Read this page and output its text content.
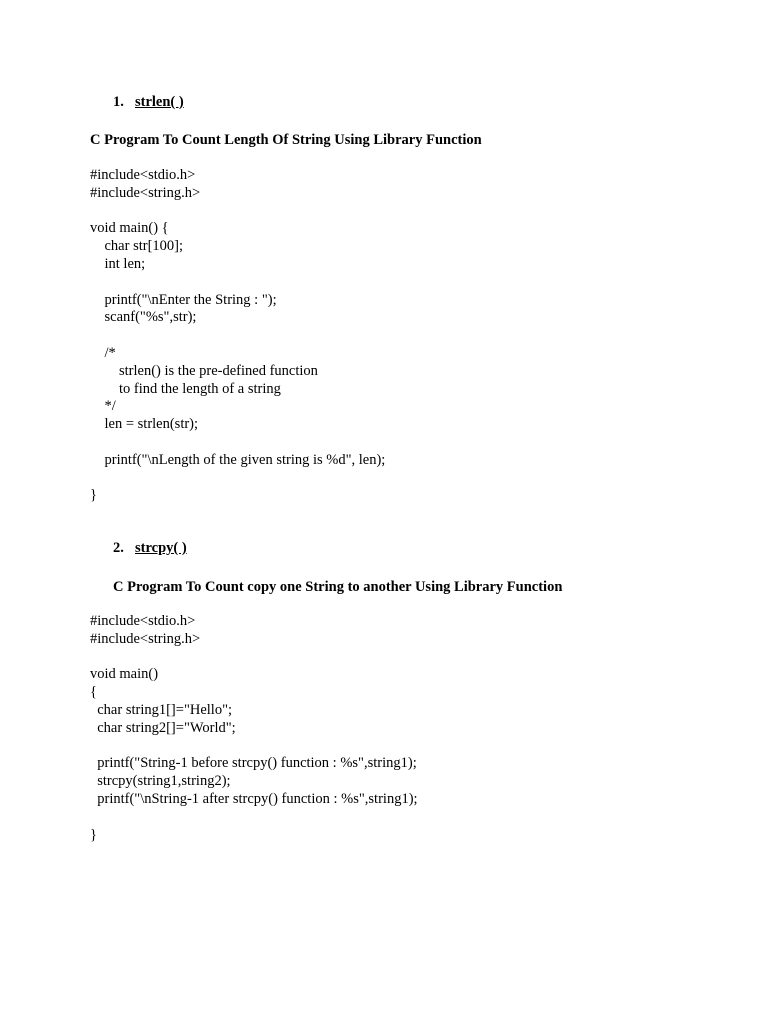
1. strlen( )
C Program To Count Length Of String Using Library Function
#include<stdio.h>
#include<string.h>
void main() {
char str[100];
int len;
printf("\nEnter the String : ");
scanf("%s",str);
/*
strlen() is the pre-defined function
to find the length of a string
*/
len = strlen(str);
printf("\nLength of the given string is %d", len);
}
2. strcpy( )
C Program To Count copy one String to another Using Library Function
#include<stdio.h>
#include<string.h>
void main()
{
char string1[]="Hello";
char string2[]="World";
printf("String-1 before strcpy() function : %s",string1);
strcpy(string1,string2);
printf("\nString-1 after strcpy() function : %s",string1);
}
